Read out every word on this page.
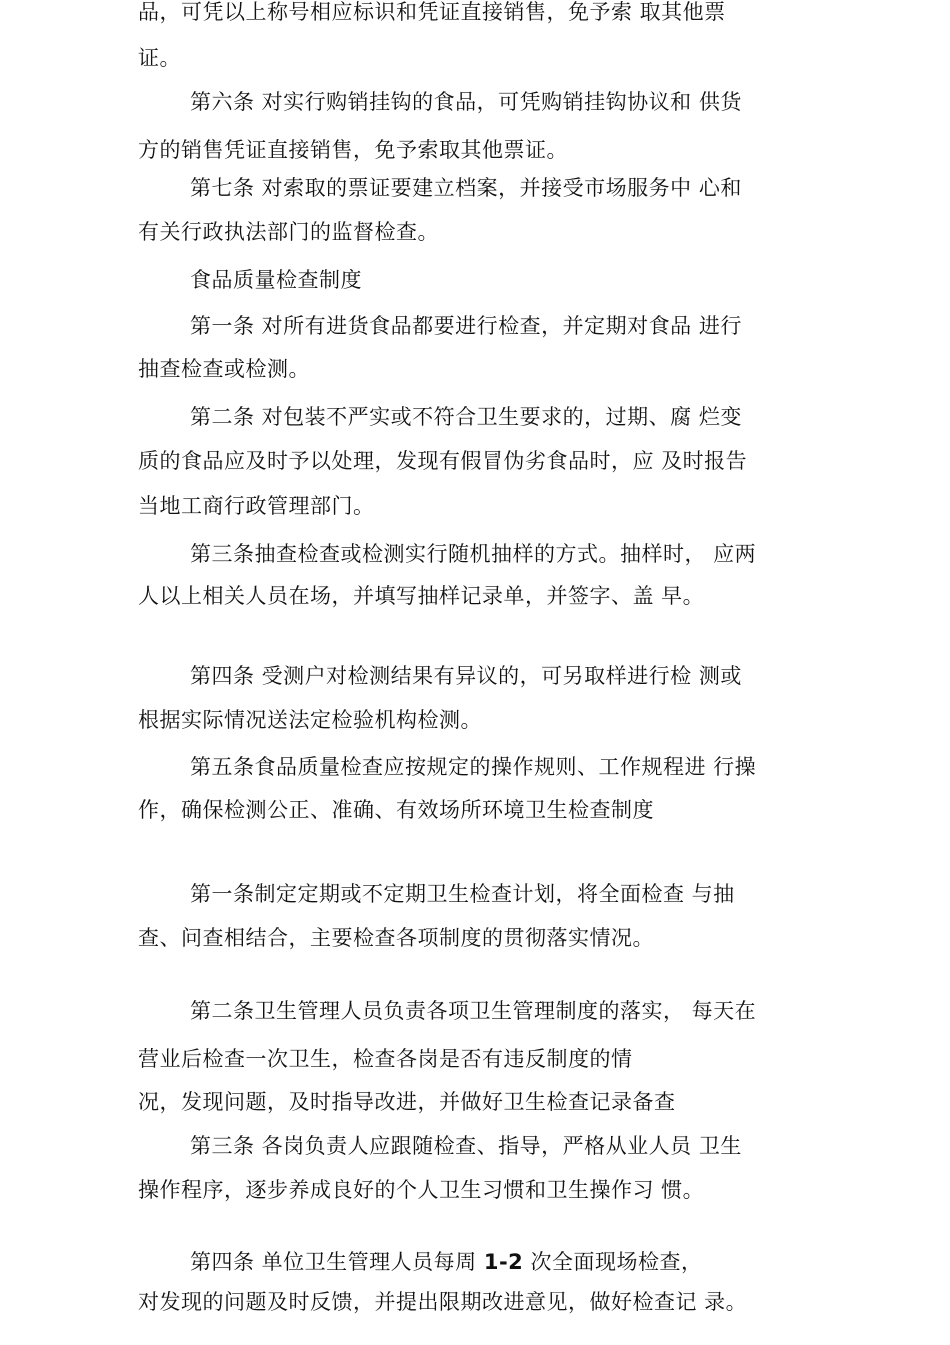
品，可凭以上称号相应标识和凭证直接销售，免予索 取其他票

证。

第六条 对实行购销挂钩的食品，可凭购销挂钩协议和 供货

方的销售凭证直接销售，免予索取其他票证。

第七条 对索取的票证要建立档案，并接受市场服务中 心和

有关行政执法部门的监督检查。

食品质量检查制度

第一条 对所有进货食品都要进行检查，并定期对食品 进行

抽查检查或检测。

第二条 对包装不严实或不符合卫生要求的，过期、腐 烂变

质的食品应及时予以处理，发现有假冒伪劣食品时，应 及时报告

当地工商行政管理部门。

第三条抽查检查或检测实行随机抽样的方式。抽样时， 应两

人以上相关人员在场，并填写抽样记录单，并签字、盖 早。

第四条 受测户对检测结果有异议的，可另取样进行检 测或

根据实际情况送法定检验机构检测。

第五条食品质量检查应按规定的操作规则、工作规程进 行操

作，确保检测公正、准确、有效场所环境卫生检查制度

第一条制定定期或不定期卫生检查计划，将全面检查 与抽

查、问查相结合，主要检查各项制度的贯彻落实情况。

第二条卫生管理人员负责各项卫生管理制度的落实， 每天在

营业后检查一次卫生，检查各岗是否有违反制度的情

况，发现问题，及时指导改进，并做好卫生检查记录备查

第三条 各岗负责人应跟随检查、指导，严格从业人员 卫生

操作程序，逐步养成良好的个人卫生习惯和卫生操作习 惯。

对发现的问题及时反馈，并提出限期改进意见，做好检查记 录。

第四条 单位卫生管理人员每周 1-2 次全面现场检查，
